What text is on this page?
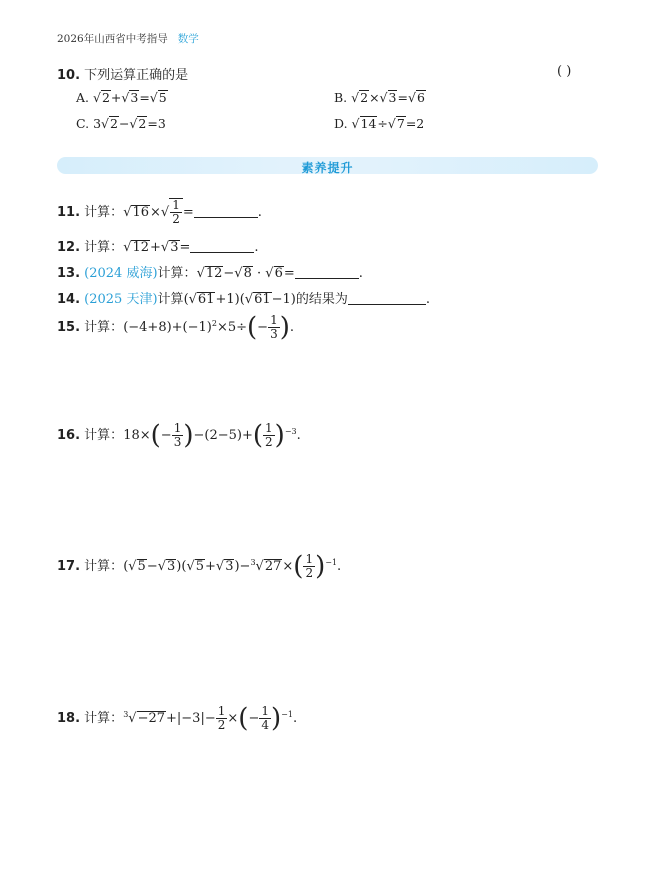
2026年山西省中考指导 数学
10. 下列运算正确的是	( )
A. √2+√3=√5	B. √2×√3=√6
C. 3√2−√2=3	D. √14÷√7=2
素养提升
11. 计算：$√16\times√ \frac{1}{2}$ =	.
12. 计算：√12+√3=	.
13. (2024 威海)计算：√12−√8 · √6=	.
14. (2025 天津)计算(√61+1)(√61−1)的结果为	.
15. 计算：$(-4+8)+(-1)^2\times 5\div(- \frac{1}{3}$ ).
16. 计算：$18\times(- \frac{1}{3} )-(2-5)+( \frac{1}{2} )^{-3}$.
17. 计算：$(√5-√3)(√5+√3)-^3√27\times( \frac{1}{2} )^{-1}$.
18. 计算：$^3√-27+|-3|- \frac{1}{2}$ ×(− $\frac{1}{4} )^{-1}$.
